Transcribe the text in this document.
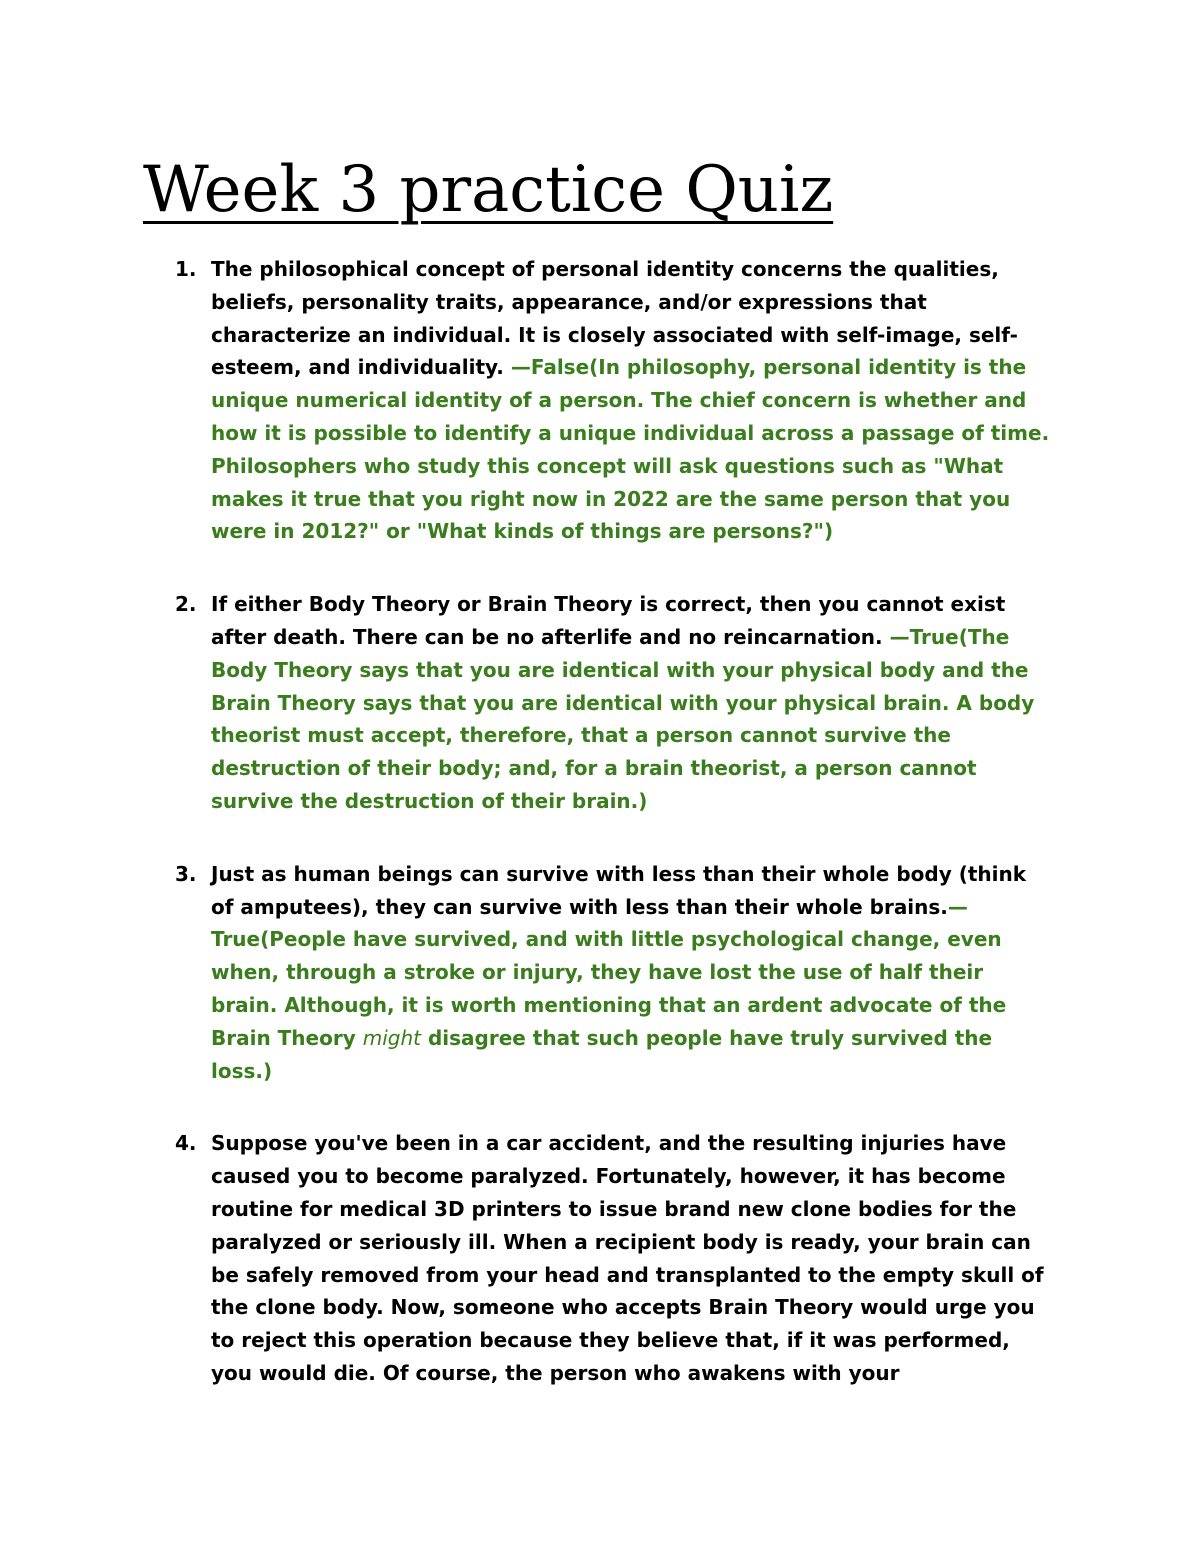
Week 3 practice Quiz
1. The philosophical concept of personal identity concerns the qualities, beliefs, personality traits, appearance, and/or expressions that characterize an individual. It is closely associated with self-image, self-esteem, and individuality. —False(In philosophy, personal identity is the unique numerical identity of a person. The chief concern is whether and how it is possible to identify a unique individual across a passage of time. Philosophers who study this concept will ask questions such as "What makes it true that you right now in 2022 are the same person that you were in 2012?" or "What kinds of things are persons?")
2. If either Body Theory or Brain Theory is correct, then you cannot exist after death. There can be no afterlife and no reincarnation. —True(The Body Theory says that you are identical with your physical body and the Brain Theory says that you are identical with your physical brain. A body theorist must accept, therefore, that a person cannot survive the destruction of their body; and, for a brain theorist, a person cannot survive the destruction of their brain.)
3. Just as human beings can survive with less than their whole body (think of amputees), they can survive with less than their whole brains.—True(People have survived, and with little psychological change, even when, through a stroke or injury, they have lost the use of half their brain. Although, it is worth mentioning that an ardent advocate of the Brain Theory might disagree that such people have truly survived the loss.)
4. Suppose you've been in a car accident, and the resulting injuries have caused you to become paralyzed. Fortunately, however, it has become routine for medical 3D printers to issue brand new clone bodies for the paralyzed or seriously ill. When a recipient body is ready, your brain can be safely removed from your head and transplanted to the empty skull of the clone body. Now, someone who accepts Brain Theory would urge you to reject this operation because they believe that, if it was performed, you would die. Of course, the person who awakens with your
